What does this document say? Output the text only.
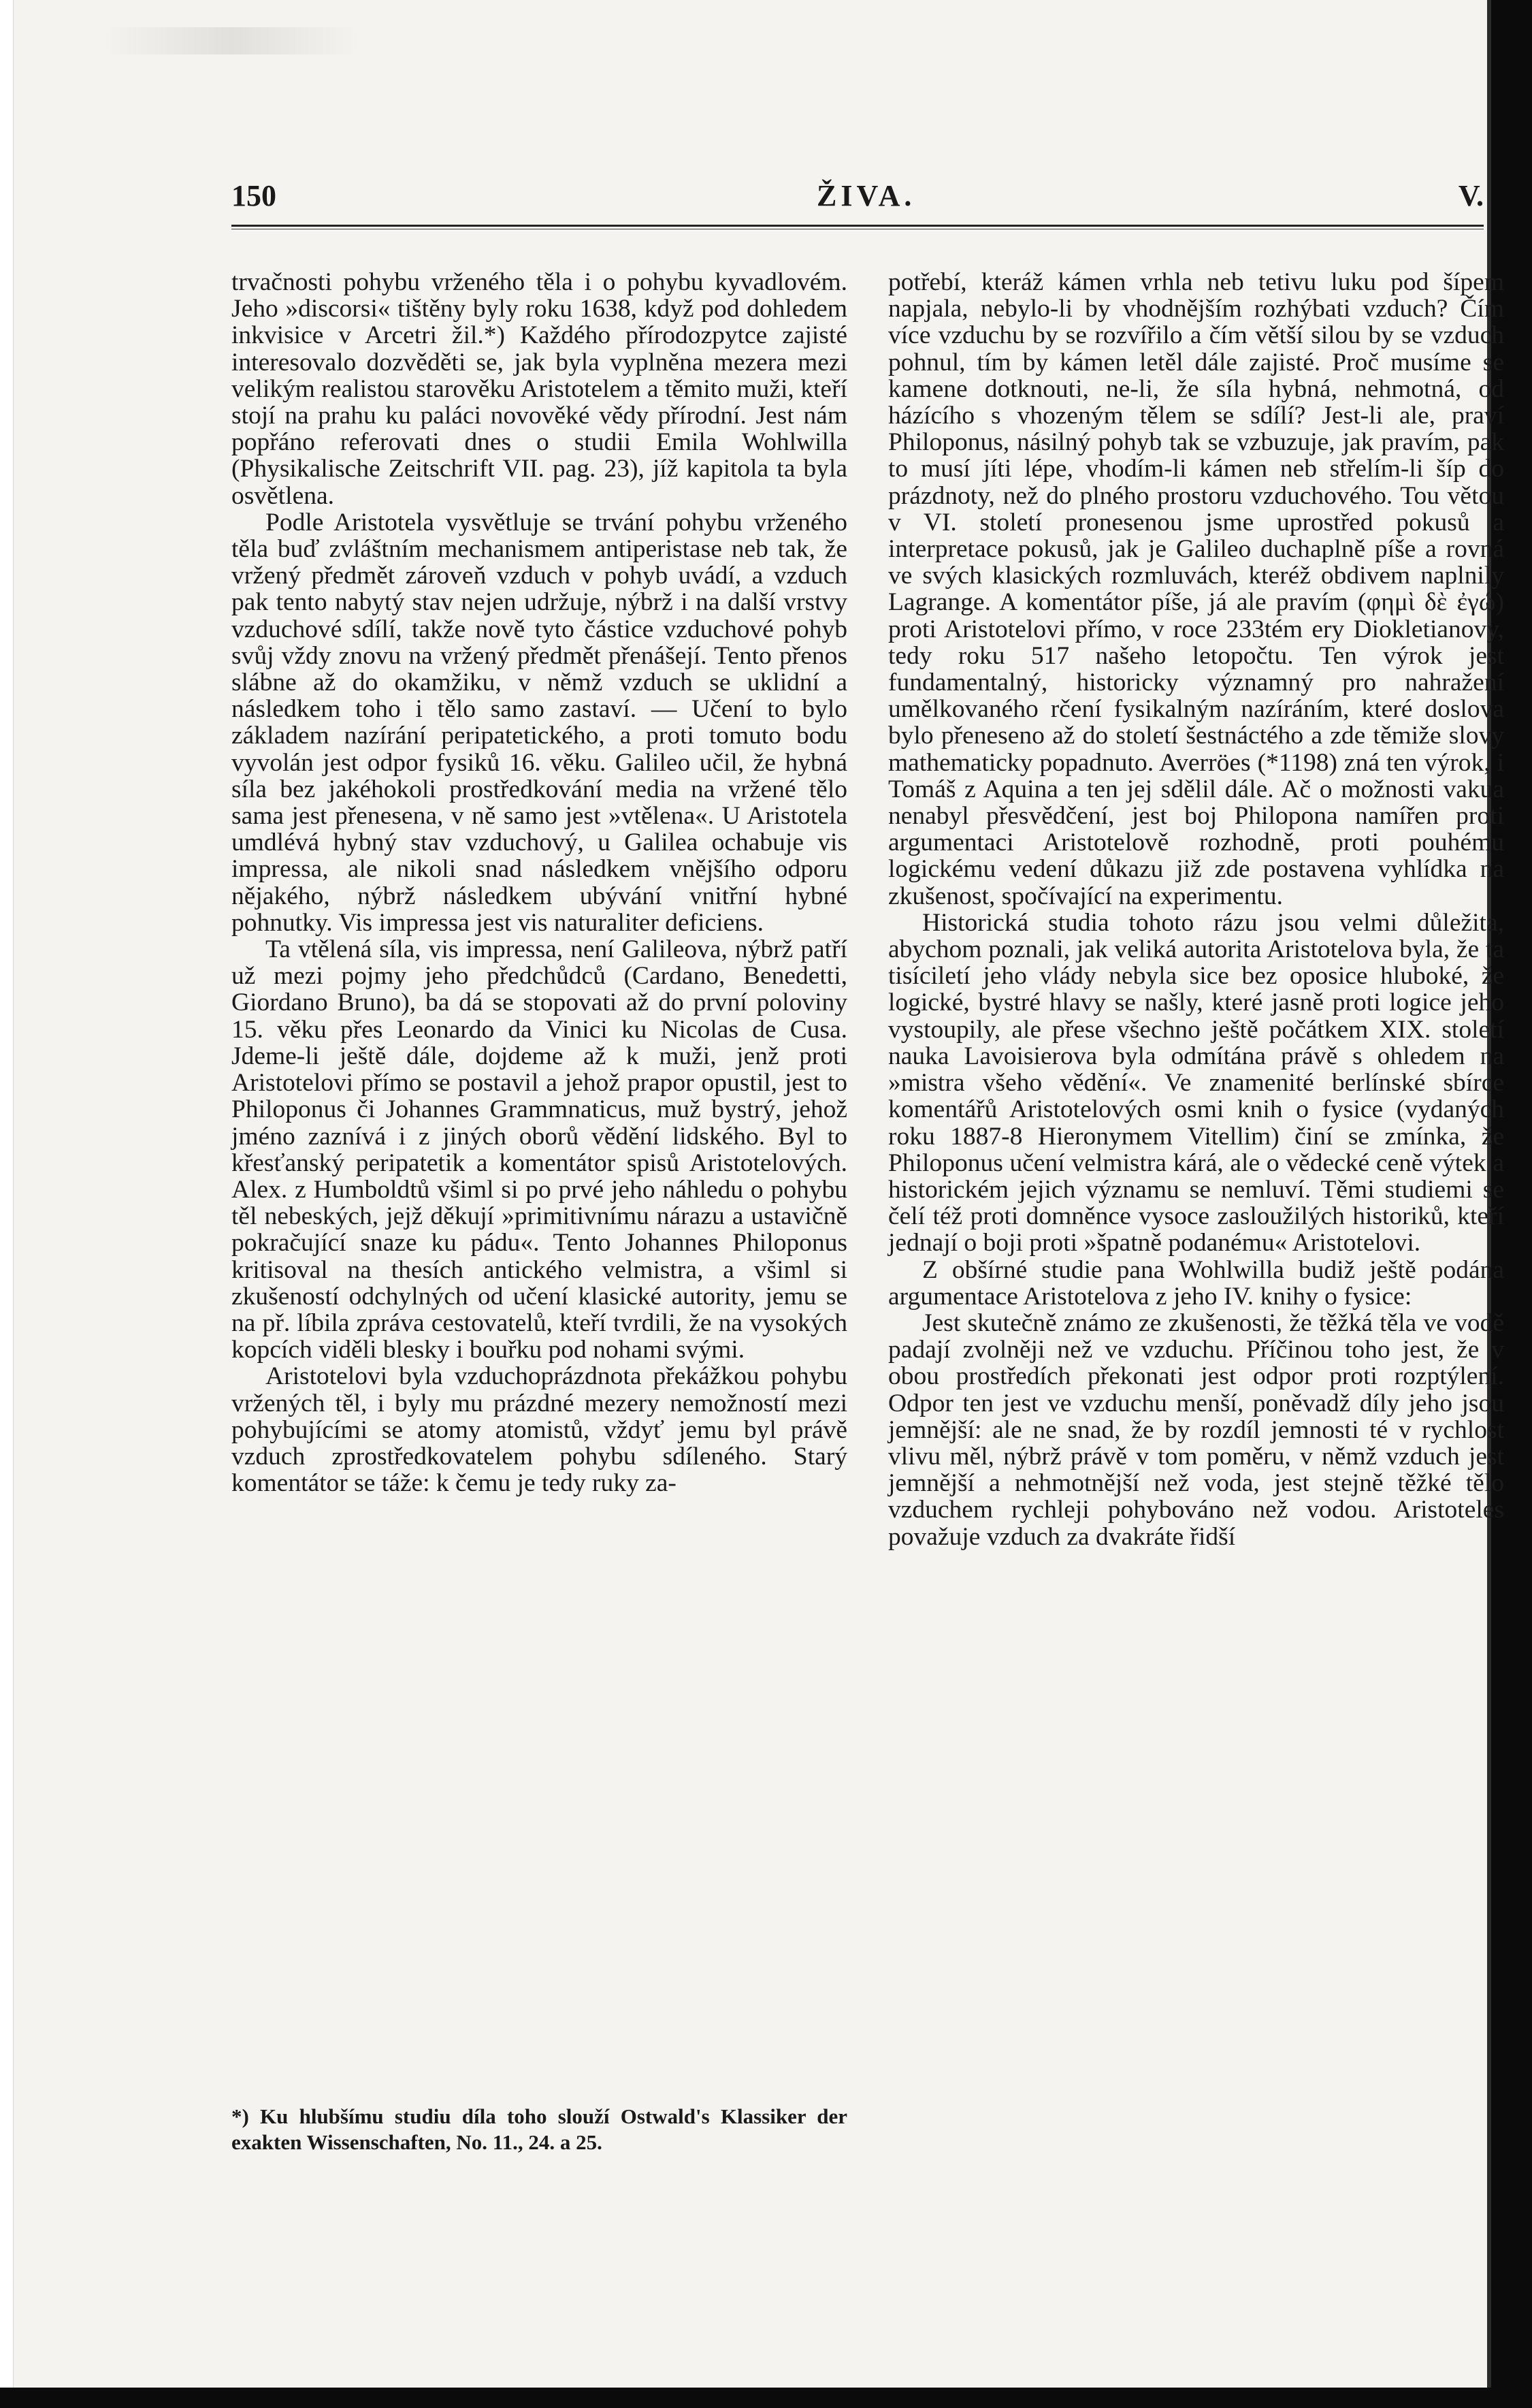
150	ŽIVA.	V.

trvačnosti pohybu vrženého těla i o pohybu kyvadlovém. Jeho »discorsi« tištěny byly roku 1638, když pod dohledem inkvisice v Arcetri žil.*) Každého přírodozpytce zajisté interesovalo dozvěděti se, jak byla vyplněna mezera mezi velikým realistou starověku Aristotelem a těmito muži, kteří stojí na prahu ku paláci novověké vědy přírodní. Jest nám popřáno referovati dnes o studii Emila Wohlwilla (Physikalische Zeitschrift VII. pag. 23), jíž kapitola ta byla osvětlena.

Podle Aristotela vysvětluje se trvání pohybu vrženého těla buď zvláštním mechanismem antiperistase neb tak, že vržený předmět zároveň vzduch v pohyb uvádí, a vzduch pak tento nabytý stav nejen udržuje, nýbrž i na další vrstvy vzduchové sdílí, takže nově tyto částice vzduchové pohyb svůj vždy znovu na vržený předmět přenášejí. Tento přenos slábne až do okamžiku, v němž vzduch se uklidní a následkem toho i tělo samo zastaví. — Učení to bylo základem nazírání peripatetického, a proti tomuto bodu vyvolán jest odpor fysiků 16. věku. Galileo učil, že hybná síla bez jakéhokoli prostředkování media na vržené tělo sama jest přenesena, v ně samo jest »vtělena«. U Aristotela umdlévá hybný stav vzduchový, u Galilea ochabuje vis impressa, ale nikoli snad následkem vnějšího odporu nějakého, nýbrž následkem ubývání vnitřní hybné pohnutky. Vis impressa jest vis naturaliter deficiens.

Ta vtělená síla, vis impressa, není Galileova, nýbrž patří už mezi pojmy jeho předchůdců (Cardano, Benedetti, Giordano Bruno), ba dá se stopovati až do první poloviny 15. věku přes Leonardo da Vinici ku Nicolas de Cusa. Jdeme-li ještě dále, dojdeme až k muži, jenž proti Aristotelovi přímo se postavil a jehož prapor opustil, jest to Philoponus či Johannes Grammnaticus, muž bystrý, jehož jméno zaznívá i z jiných oborů vědění lidského. Byl to křesťanský peripatetik a komentátor spisů Aristotelových. Alex. z Humboldtů všiml si po prvé jeho náhledu o pohybu těl nebeských, jejž děkují »primitivnímu nárazu a ustavičně pokračující snaze ku pádu«. Tento Johannes Philoponus kritisoval na thesích antického velmistra, a všiml si zkušeností odchylných od učení klasické autority, jemu se na př. líbila zpráva cestovatelů, kteří tvrdili, že na vysokých kopcích viděli blesky i bouřku pod nohami svými.

Aristotelovi byla vzduchoprázdnota překážkou pohybu vržených těl, i byly mu prázdné mezery nemožností mezi pohybujícími se atomy atomistů, vždyť jemu byl právě vzduch zprostředkovatelem pohybu sdíleného. Starý komentátor se táže: k čemu je tedy ruky za-

*) Ku hlubšímu studiu díla toho slouží Ostwald's Klassiker der exakten Wissenschaften, No. 11., 24. a 25.

potřebí, kteráž kámen vrhla neb tetivu luku pod šípem napjala, nebylo-li by vhodnějším rozhýbati vzduch? Čím více vzduchu by se rozvířilo a čím větší silou by se vzduch pohnul, tím by kámen letěl dále zajisté. Proč musíme se kamene dotknouti, ne-li, že síla hybná, nehmotná, od házícího s vhozeným tělem se sdílí? Jest-li ale, praví Philoponus, násilný pohyb tak se vzbuzuje, jak pravím, pak to musí jíti lépe, vhodím-li kámen neb střelím-li šíp do prázdnoty, než do plného prostoru vzduchového. Tou větou v VI. století pronesenou jsme uprostřed pokusů a interpretace pokusů, jak je Galileo duchaplně píše a rovná ve svých klasických rozmluvách, kteréž obdivem naplnily Lagrange. A komentátor píše, já ale pravím (φημὶ δὲ ἐγώ) proti Aristotelovi přímo, v roce 233tém ery Diokletianovy, tedy roku 517 našeho letopočtu. Ten výrok jest fundamentalný, historicky významný pro nahražení umělkovaného rčení fysikalným nazíráním, které doslova bylo přeneseno až do století šestnáctého a zde těmiže slovy mathematicky popadnuto. Averröes (*1198) zná ten výrok, i Tomáš z Aquina a ten jej sdělil dále. Ač o možnosti vakua nenabyl přesvědčení, jest boj Philopona namířen proti argumentaci Aristotelově rozhodně, proti pouhému logickému vedení důkazu již zde postavena vyhlídka na zkušenost, spočívající na experimentu.

Historická studia tohoto rázu jsou velmi důležita, abychom poznali, jak veliká autorita Aristotelova byla, že ta tisíciletí jeho vlády nebyla sice bez oposice hluboké, že logické, bystré hlavy se našly, které jasně proti logice jeho vystoupily, ale přese všechno ještě počátkem XIX. století nauka Lavoisierova byla odmítána právě s ohledem na »mistra všeho vědění«. Ve znamenité berlínské sbírce komentářů Aristotelových osmi knih o fysice (vydaných roku 1887-8 Hieronymem Vitellim) činí se zmínka, že Philoponus učení velmistra kárá, ale o vědecké ceně výtek a historickém jejich významu se nemluví. Těmi studiemi se čelí též proti domněnce vysoce zasloužilých historiků, kteří jednají o boji proti »špatně podanému« Aristotelovi.

Z obšírné studie pana Wohlwilla budiž ještě podána argumentace Aristotelova z jeho IV. knihy o fysice:

Jest skutečně známo ze zkušenosti, že těžká těla ve vodě padají zvolněji než ve vzduchu. Příčinou toho jest, že v obou prostředích překonati jest odpor proti rozptýlení. Odpor ten jest ve vzduchu menší, poněvadž díly jeho jsou jemnější: ale ne snad, že by rozdíl jemnosti té v rychlost vlivu měl, nýbrž právě v tom poměru, v němž vzduch jest jemnější a nehmotnější než voda, jest stejně těžké tělo vzduchem rychleji pohybováno než vodou. Aristoteles považuje vzduch za dvakráte řidší
